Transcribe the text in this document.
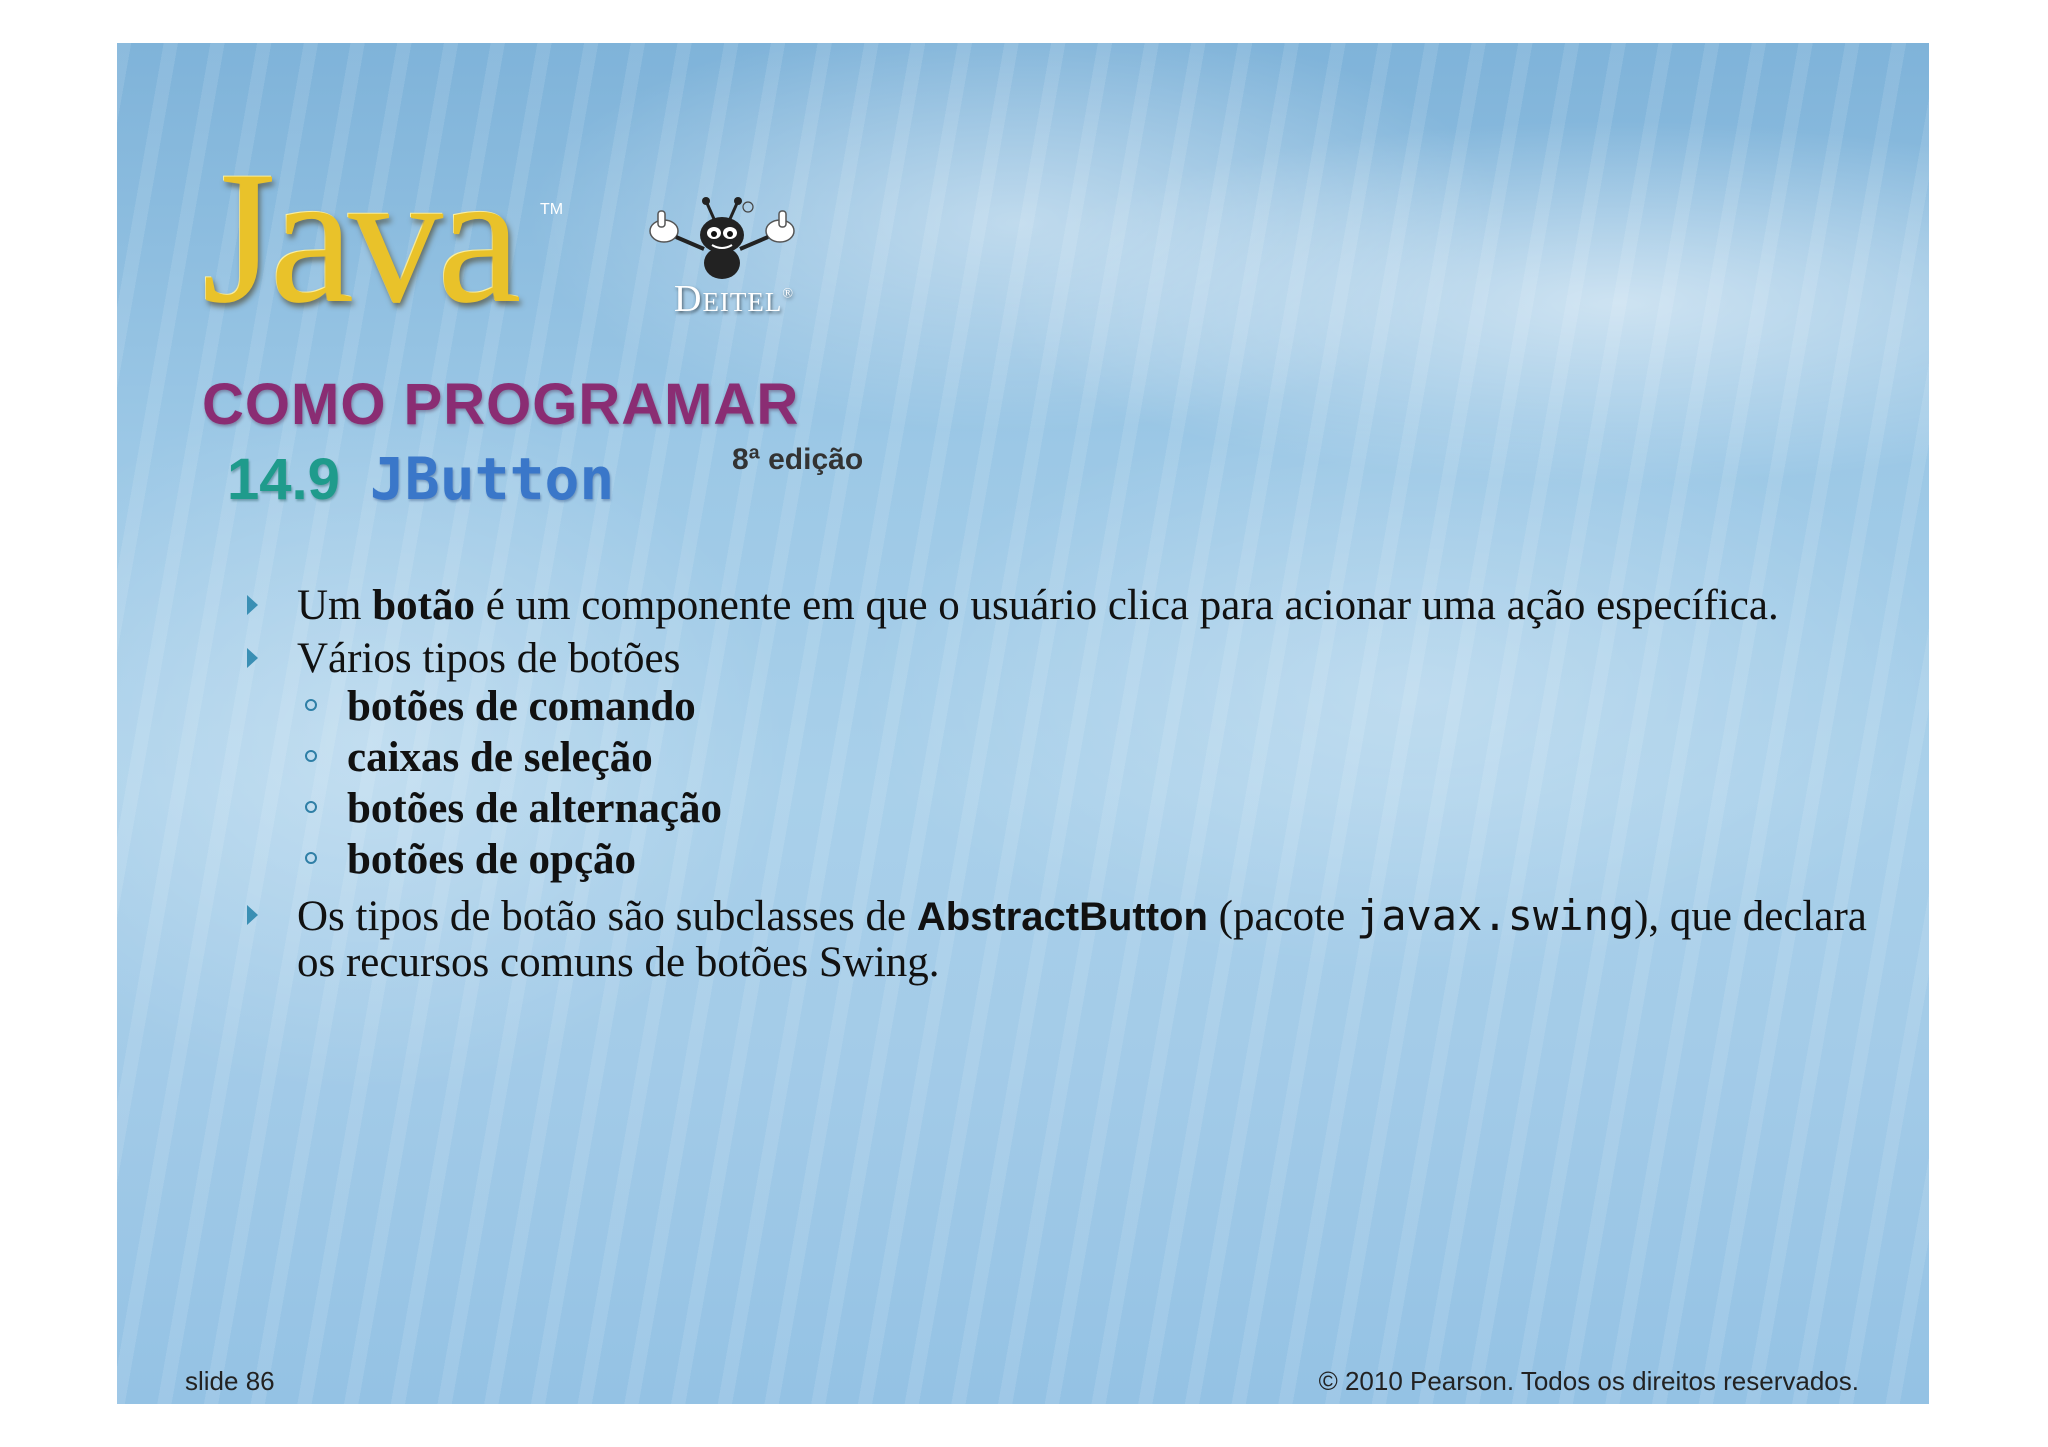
Java TM
Deitel®
COMO PROGRAMAR
8ª edição
14.9 JButton
Um botão é um componente em que o usuário clica para acionar uma ação específica.
Vários tipos de botões
botões de comando
caixas de seleção
botões de alternação
botões de opção
Os tipos de botão são subclasses de AbstractButton (pacote javax.swing), que declara os recursos comuns de botões Swing.
slide 86	© 2010 Pearson. Todos os direitos reservados.
